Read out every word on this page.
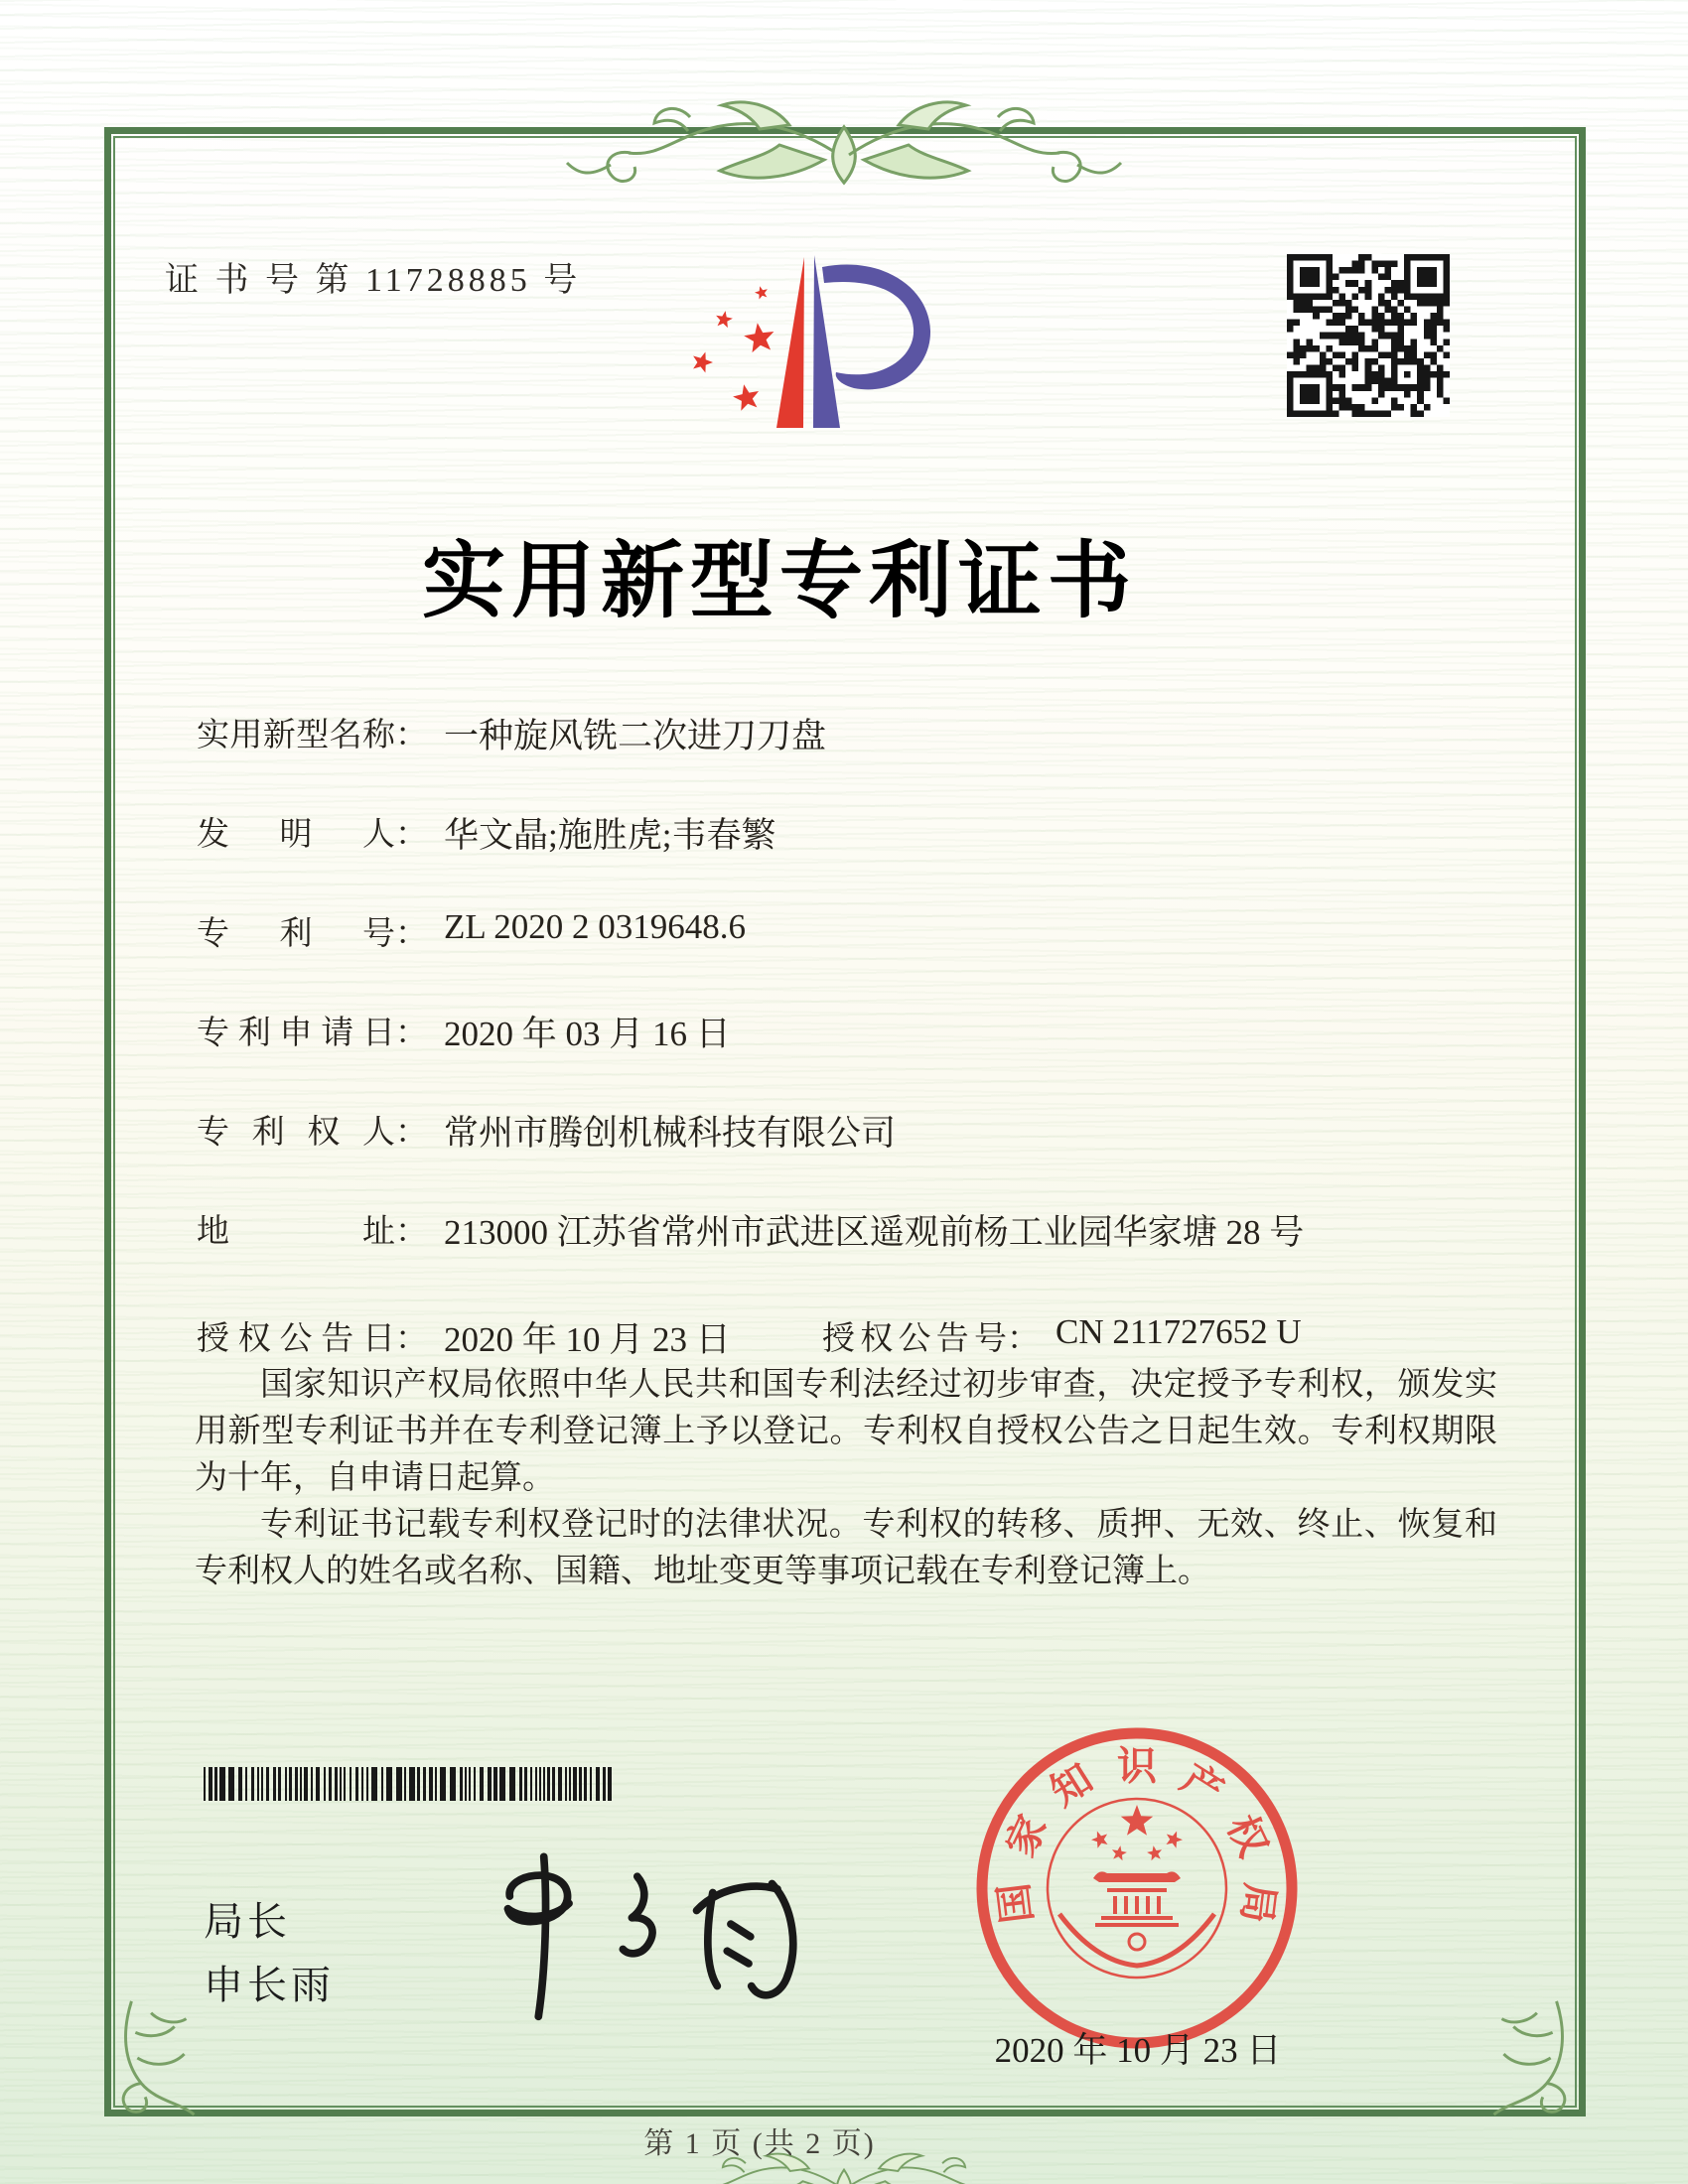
证 书 号 第 11728885 号
实用新型专利证书
实用新型名称 ： 一种旋风铣二次进刀刀盘
发明人 ： 华文晶;施胜虎;韦春繁
专利号 ： ZL 2020 2 0319648.6
专利申请日 ： 2020 年 03 月 16 日
专利权人 ： 常州市腾创机械科技有限公司
地址 ： 213000 江苏省常州市武进区遥观前杨工业园华家塘 28 号
授权公告日 ： 2020 年 10 月 23 日	授权公告号 ： CN 211727652 U

国家知识产权局依照中华人民共和国专利法经过初步审查，决定授予专利权，颁发实用新型专利证书并在专利登记簿上予以登记。专利权自授权公告之日起生效。专利权期限为十年，自申请日起算。

专利证书记载专利权登记时的法律状况。专利权的转移、质押、无效、终止、恢复和专利权人的姓名或名称、国籍、地址变更等事项记载在专利登记簿上。

局长
申长雨
国
家
知 识 产
权
局
2020 年 10 月 23 日
第 1 页 (共 2 页)
